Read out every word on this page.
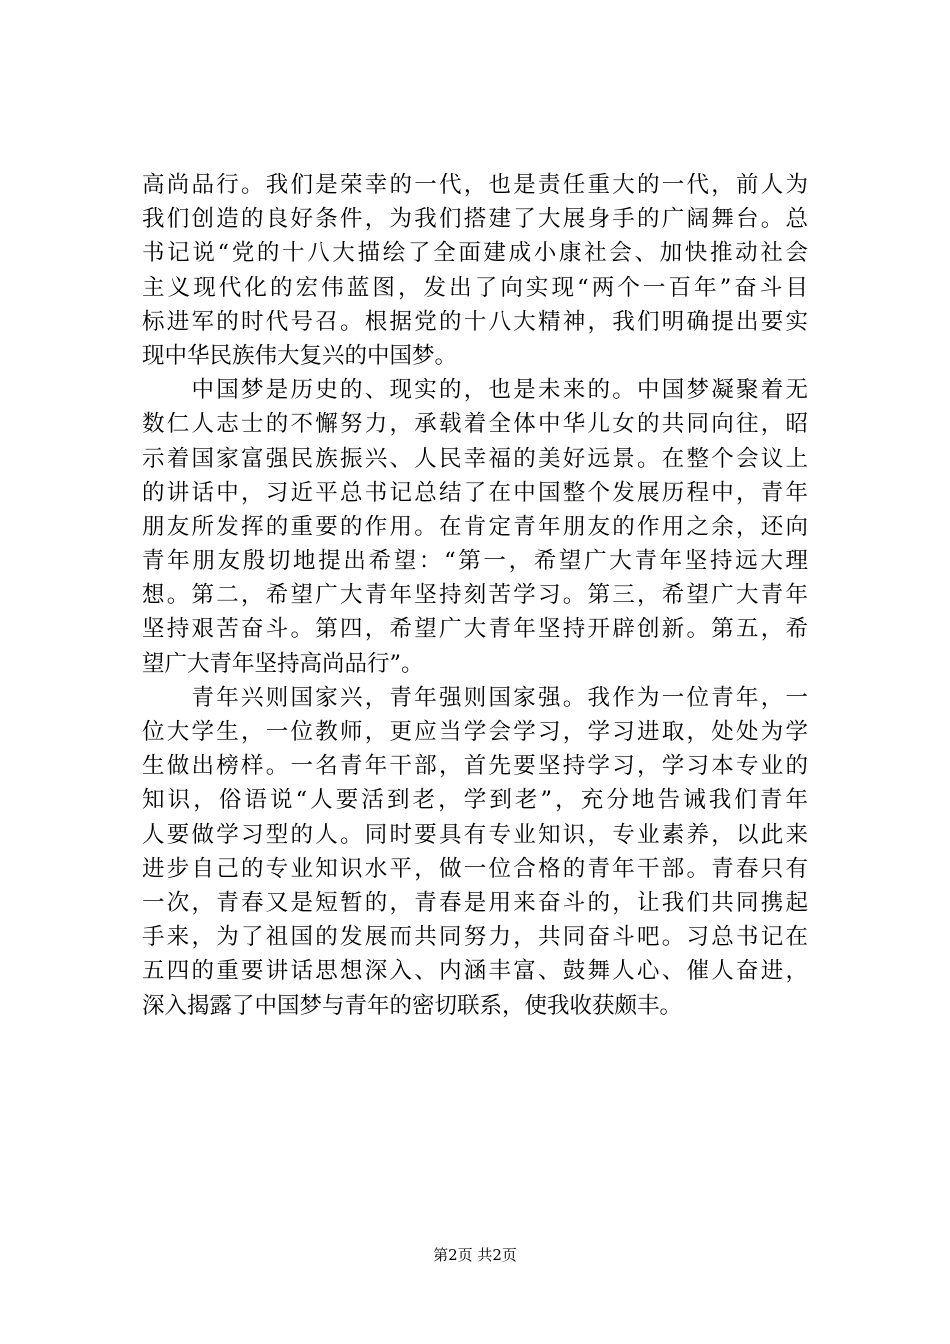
高尚品行。我们是荣幸的一代，也是责任重大的一代，前人为
我们创造的良好条件，为我们搭建了大展身手的广阔舞台。总
书记说“党的十八大描绘了全面建成小康社会、加快推动社会
主义现代化的宏伟蓝图，发出了向实现“两个一百年”奋斗目
标进军的时代号召。根据党的十八大精神，我们明确提出要实
现中华民族伟大复兴的中国梦。
　　中国梦是历史的、现实的，也是未来的。中国梦凝聚着无
数仁人志士的不懈努力，承载着全体中华儿女的共同向往，昭
示着国家富强民族振兴、人民幸福的美好远景。在整个会议上
的讲话中，习近平总书记总结了在中国整个发展历程中，青年
朋友所发挥的重要的作用。在肯定青年朋友的作用之余，还向
青年朋友殷切地提出希望：“第一，希望广大青年坚持远大理
想。第二，希望广大青年坚持刻苦学习。第三，希望广大青年
坚持艰苦奋斗。第四，希望广大青年坚持开辟创新。第五，希
望广大青年坚持高尚品行”。
　　青年兴则国家兴，青年强则国家强。我作为一位青年，一
位大学生，一位教师，更应当学会学习，学习进取，处处为学
生做出榜样。一名青年干部，首先要坚持学习，学习本专业的
知识，俗语说“人要活到老，学到老”，充分地告诫我们青年
人要做学习型的人。同时要具有专业知识，专业素养，以此来
进步自己的专业知识水平，做一位合格的青年干部。青春只有
一次，青春又是短暂的，青春是用来奋斗的，让我们共同携起
手来，为了祖国的发展而共同努力，共同奋斗吧。习总书记在
五四的重要讲话思想深入、内涵丰富、鼓舞人心、催人奋进，
深入揭露了中国梦与青年的密切联系，使我收获颇丰。
第2页 共2页
